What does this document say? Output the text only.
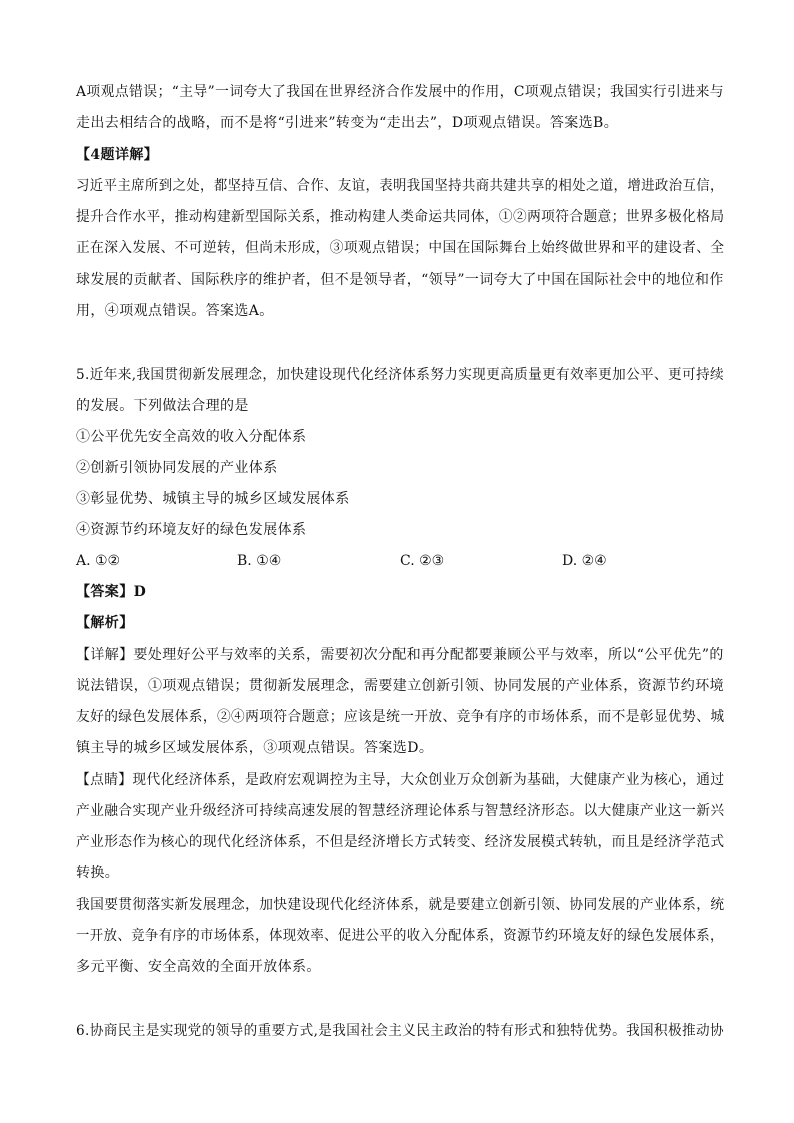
A项观点错误；“主导”一词夸大了我国在世界经济合作发展中的作用，C项观点错误；我国实行引进来与
走出去相结合的战略，而不是将“引进来”转变为“走出去”，D项观点错误。答案选B。
【4题详解】
习近平主席所到之处，都坚持互信、合作、友谊，表明我国坚持共商共建共享的相处之道，增进政治互信，
提升合作水平，推动构建新型国际关系，推动构建人类命运共同体，①②两项符合题意；世界多极化格局
正在深入发展、不可逆转，但尚未形成，③项观点错误；中国在国际舞台上始终做世界和平的建设者、全
球发展的贡献者、国际秩序的维护者，但不是领导者，“领导”一词夸大了中国在国际社会中的地位和作
用，④项观点错误。答案选A。
5.近年来,我国贯彻新发展理念，加快建设现代化经济体系努力实现更高质量更有效率更加公平、更可持续
的发展。下列做法合理的是
①公平优先安全高效的收入分配体系
②创新引领协同发展的产业体系
③彰显优势、城镇主导的城乡区域发展体系
④资源节约环境友好的绿色发展体系
A. ①②	B. ①④	C. ②③	D. ②④
【答案】D
【解析】
【详解】要处理好公平与效率的关系，需要初次分配和再分配都要兼顾公平与效率，所以“公平优先”的
说法错误，①项观点错误；贯彻新发展理念，需要建立创新引领、协同发展的产业体系，资源节约环境
友好的绿色发展体系，②④两项符合题意；应该是统一开放、竞争有序的市场体系，而不是彰显优势、城
镇主导的城乡区域发展体系，③项观点错误。答案选D。
【点睛】现代化经济体系，是政府宏观调控为主导，大众创业万众创新为基础，大健康产业为核心，通过
产业融合实现产业升级经济可持续高速发展的智慧经济理论体系与智慧经济形态。以大健康产业这一新兴
产业形态作为核心的现代化经济体系，不但是经济增长方式转变、经济发展模式转轨，而且是经济学范式
转换。
我国要贯彻落实新发展理念，加快建设现代化经济体系，就是要建立创新引领、协同发展的产业体系，统
一开放、竞争有序的市场体系，体现效率、促进公平的收入分配体系，资源节约环境友好的绿色发展体系，
多元平衡、安全高效的全面开放体系。
6.协商民主是实现党的领导的重要方式,是我国社会主义民主政治的特有形式和独特优势。我国积极推动协
